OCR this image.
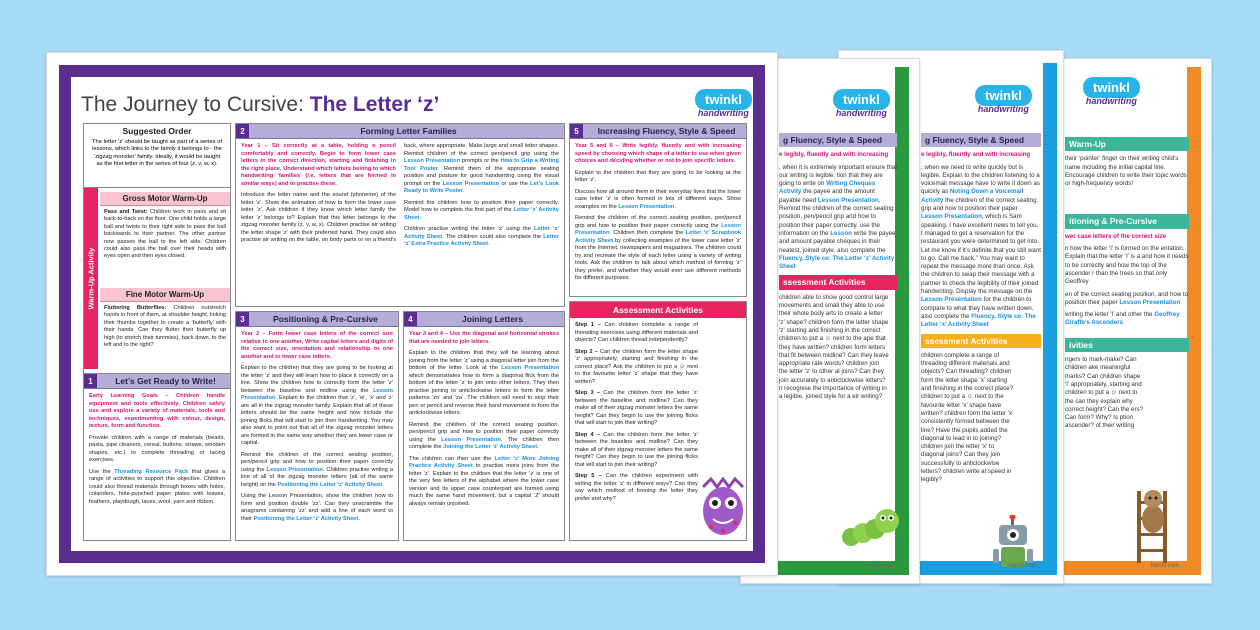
twinkl
handwriting
Warm-Up
their ‘pointer’ finger on their writing child’s name including the initial capital line. Encourage children to write their topic words or high-frequency words!
itioning & Pre-Cursive
wer case letters of the correct size
n how the letter ‘l’ is formed on the entation. Explain that the letter ‘l’ is a and how it needs to be correctly and how the top of the ascender r than the trees so that only Geoffrey
en of the correct seating position, and how to position their paper Lesson Presentation
writing the letter ‘l’ and other the Geoffrey Giraffe’s Ascenders
ivities
ngers to mark-make? Can children ake meaningful marks? Can children shape ‘l’ appropriately, starting and children to put a ☺ next to the can they explain why correct height? Can the ers? Can form? Why? Is ption ascender? of their writing
twinkl.com
twinkl
handwriting
g Fluency, Style & Speed
e legibly, fluently and with increasing
, when we need to write quickly but is legible. Explain to the children listening to a voicemail message have to write it down as quickly as Noting Down a Voicemail Activity the children of the correct seating grip and how to position their paper Lesson Presentation, which is Sam speaking. I have excellent news to tell you. I managed to get a reservation for the restaurant you were determined to get into. Let me know if it’s definite that you still want to go. Call me back.” You may want to repeat the message more than once. Ask the children to swap their message with a partner to check the legibility of their joined handwriting. Display the message on the Lesson Presentation for the children to compare to what they have written down. also complete the Fluency, Style ce: The Letter ‘x’ Activity Sheet
ssessment Activities
children complete a range of threading different materials and objects? Can threading? children form the letter shape ‘x’ starting and finishing in the correct place? children to put a ☺ next to the favourite letter ‘x’ shape have written? children form the letter ‘x’ consistently formed between the line? Have the pupils added the diagonal to lead in to joining? children join the letter ‘x’ to diagonal joins? Can they join successfully to anticlockwise letters? children write at speed in legibly?
twinkl.com
twinkl
handwriting
g Fluency, Style & Speed
e legibly, fluently and with increasing
, when it is extremely important ensure that our writing is legible. tion that they are going to write on Writing Cheques Activity the payee and the amount payable need Lesson Presentation. Remind the children of the correct seating position, pen/pencil grip and how to position their paper correctly. use the information on the Lesson write the payee and amount payable cheques in their neatest, joined style. also complete the Fluency, Style ce: The Letter ‘z’ Activity Sheet
ssessment Activities
children able to show good control large movements and small they able to use their whole body arts to create a letter ‘z’ shape? children form the letter shape ‘z’ starting and finishing in the correct children to put a ☺ next to the ape that they have written? children form letters that fit between midline? Can they leave appropriate rate words? children join the letter ‘z’ to other al joins? Can they join accurately to anticlockwise letters? n recognise the importance of writing in a legible, joined style for a eir writing?
twinkl.com
The Journey to Cursive: The Letter ‘z’	twinkl
handwriting
Suggested Order
The letter ‘z’ should be taught as part of a series of lessons, which links to the family it belongs to - the ‘zigzag monster’ family. Ideally, it would be taught as the first letter in the series of four (z, v, w, x).
Warm-Up Activity
Gross Motor Warm-Up
Pass and Twist: Children work in pairs and sit back-to-back on the floor. One child holds a large ball and twists to their right side to pass the ball backwards to their partner. The other partner now passes the ball to the left side. Children could also pass the ball over their heads with eyes open and then eyes closed.
Fine Motor Warm-Up
Fluttering Butterflies: Children outstretch hands in front of them, at shoulder height, linking their thumbs together to create a ‘butterfly’ with their hands. Can they flutter their butterfly up high (to stretch their tummies), back down, to the left and to the right?
1	Let’s Get Ready to Write!

Early Learning Goals – Children handle equipment and tools effectively. Children safely use and explore a variety of materials, tools and techniques, experimenting with colour, design, texture, form and function.

Provide children with a range of materials (beads, pasta, pipe cleaners, cereal, buttons, straws, wooden shapes, etc.) to complete threading or lacing exercises.

Use the Threading Resource Pack that gives a range of activities to support this objective. Children could also thread materials through boxes with holes, colanders, hole-punched paper plates with leaves, feathers, playdough, laces, wool, yarn and ribbon.

2	Forming Letter Families

Year 1 – Sit correctly at a table, holding a pencil comfortably and correctly. Begin to form lower case letters in the correct direction, starting and finishing in the right place. Understand which letters belong to which handwriting ‘families’ (i.e. letters that are formed in similar ways) and to practise these.

Introduce the letter name and the sound (phoneme) of the letter ‘z’. Show the animation of how to form the lower case letter ‘z’. Ask children if they know which letter family the letter ‘z’ belongs to? Explain that this letter belongs to the zigzag monster family (z, v, w, x). Children practise air writing the letter shape ‘z’ with their preferred hand. They could also practise air writing on the table, on body parts or on a friend’s back, where appropriate. Make large and small letter shapes. Remind children of the correct pen/pencil grip using the Lesson Presentation prompts or the How to Grip a Writing Tool Poster. Remind them of the appropriate seating position and posture for good handwriting using the visual prompt on the Lesson Presentation or use the Let’s Look Ready to Write Poster.

Remind the children how to position their paper correctly. Model how to complete the first part of the Letter ‘z’ Activity Sheet.

Children practise writing the letter ‘z’ using the Letter ‘z’ Activity Sheet. The children could also complete the Letter ‘z’ Extra Practice Activity Sheet.

3	Positioning & Pre-Cursive

Year 2 – Form lower case letters of the correct size relative to one another. Write capital letters and digits of the correct size, orientation and relationship to one another and to lower case letters.

Explain to the children that they are going to be looking at the letter ‘z’ and they will learn how to place it correctly on a line. Show the children how to correctly form the letter ‘z’ between the baseline and midline using the Lesson Presentation. Explain to the children that ‘z’, ‘w’, ‘x’ and ‘z’ are all in the zigzag monster family. Explain that all of these letters should be the same height and now include the joining flicks that will start to join their handwriting. You may also want to point out that all of the zigzag monster letters are formed in the same way whether they are lower case or capital.

Remind the children of the correct seating position, pen/pencil grip and how to position their paper correctly using the Lesson Presentation. Children practise writing a line of all of the zigzag monster letters (all of the same height) on the Positioning the Letter ‘z’ Activity Sheet.

Using the Lesson Presentation, show the children how to form and position double ‘zz’. Can they unscramble the anagrams containing ‘zz’ and add a line of each word to their Positioning the Letter ‘z’ Activity Sheet.

4	Joining Letters

Year 3 and 4 – Use the diagonal and horizontal strokes that are needed to join letters.

Explain to the children that they will be learning about joining from the letter ‘z’ using a diagonal letter join from the bottom of the letter. Look at the Lesson Presentation which demonstrates how to form a diagonal flick from the bottom of the letter ‘z’ to join onto other letters. They then practise joining to anticlockwise letters to form the letter patterns ‘zo’ and ‘za’. The children will need to stop their pen or pencil and reverse their hand movement to form the anticlockwise letters.

Remind the children of the correct seating position, pen/pencil grip and how to position their paper correctly using the Lesson Presentation. The children then complete the Joining the Letter ‘z’ Activity Sheet.

The children can then use the Letter ‘z’ More Joining Practice Activity Sheet to practise more joins from the letter ‘z’. Explain to the children that the letter ‘z’ is one of the very few letters of the alphabet where the lower case version and its upper case counterpart are formed using much the same hand movement, but a capital ‘Z’ should always remain unjoined.

5	Increasing Fluency, Style & Speed

Year 5 and 6 – Write legibly, fluently and with increasing speed by choosing which shape of a letter to use when given choices and deciding whether or not to join specific letters.

Explain to the children that they are going to be looking at the letter ‘z’.

Discuss how all around them in their everyday lives that the lower case letter ‘z’ is often formed in lots of different ways. Show examples on the Lesson Presentation.

Remind the children of the correct seating position, pen/pencil grip and how to position their paper correctly using the Lesson Presentation. Children then complete the Letter ‘z’ Scrapbook Activity Sheet by collecting examples of the lower case letter ‘z’ from the Internet, newspapers and magazines. The children could try and recreate the style of each letter using a variety of writing tools. Ask the children to talk about which method of forming ‘z’ they prefer, and whether they would ever use different methods for different purposes.

Assessment Activities

Step 1 – Can children complete a range of threading exercises using different materials and objects? Can children thread independently?

Step 2 – Can the children form the letter shape ‘z’ appropriately, starting and finishing in the correct place? Ask the children to put a ☺ next to the favourite letter ‘z’ shape that they have written?

Step 3 – Can the children form the letter ‘z’ between the baseline and midline? Can they make all of their zigzag monster letters the same height? Can they begin to use the joining flicks that will start to join their writing?

Step 4 – Can the children form the letter ‘z’ between the baseline and midline? Can they make all of their zigzag monster letters the same height? Can they begin to use the joining flicks that will start to join their writing?

Step 5 – Can the children experiment with writing the letter ‘z’ in different ways? Can they say which method of forming the letter they prefer and why?
